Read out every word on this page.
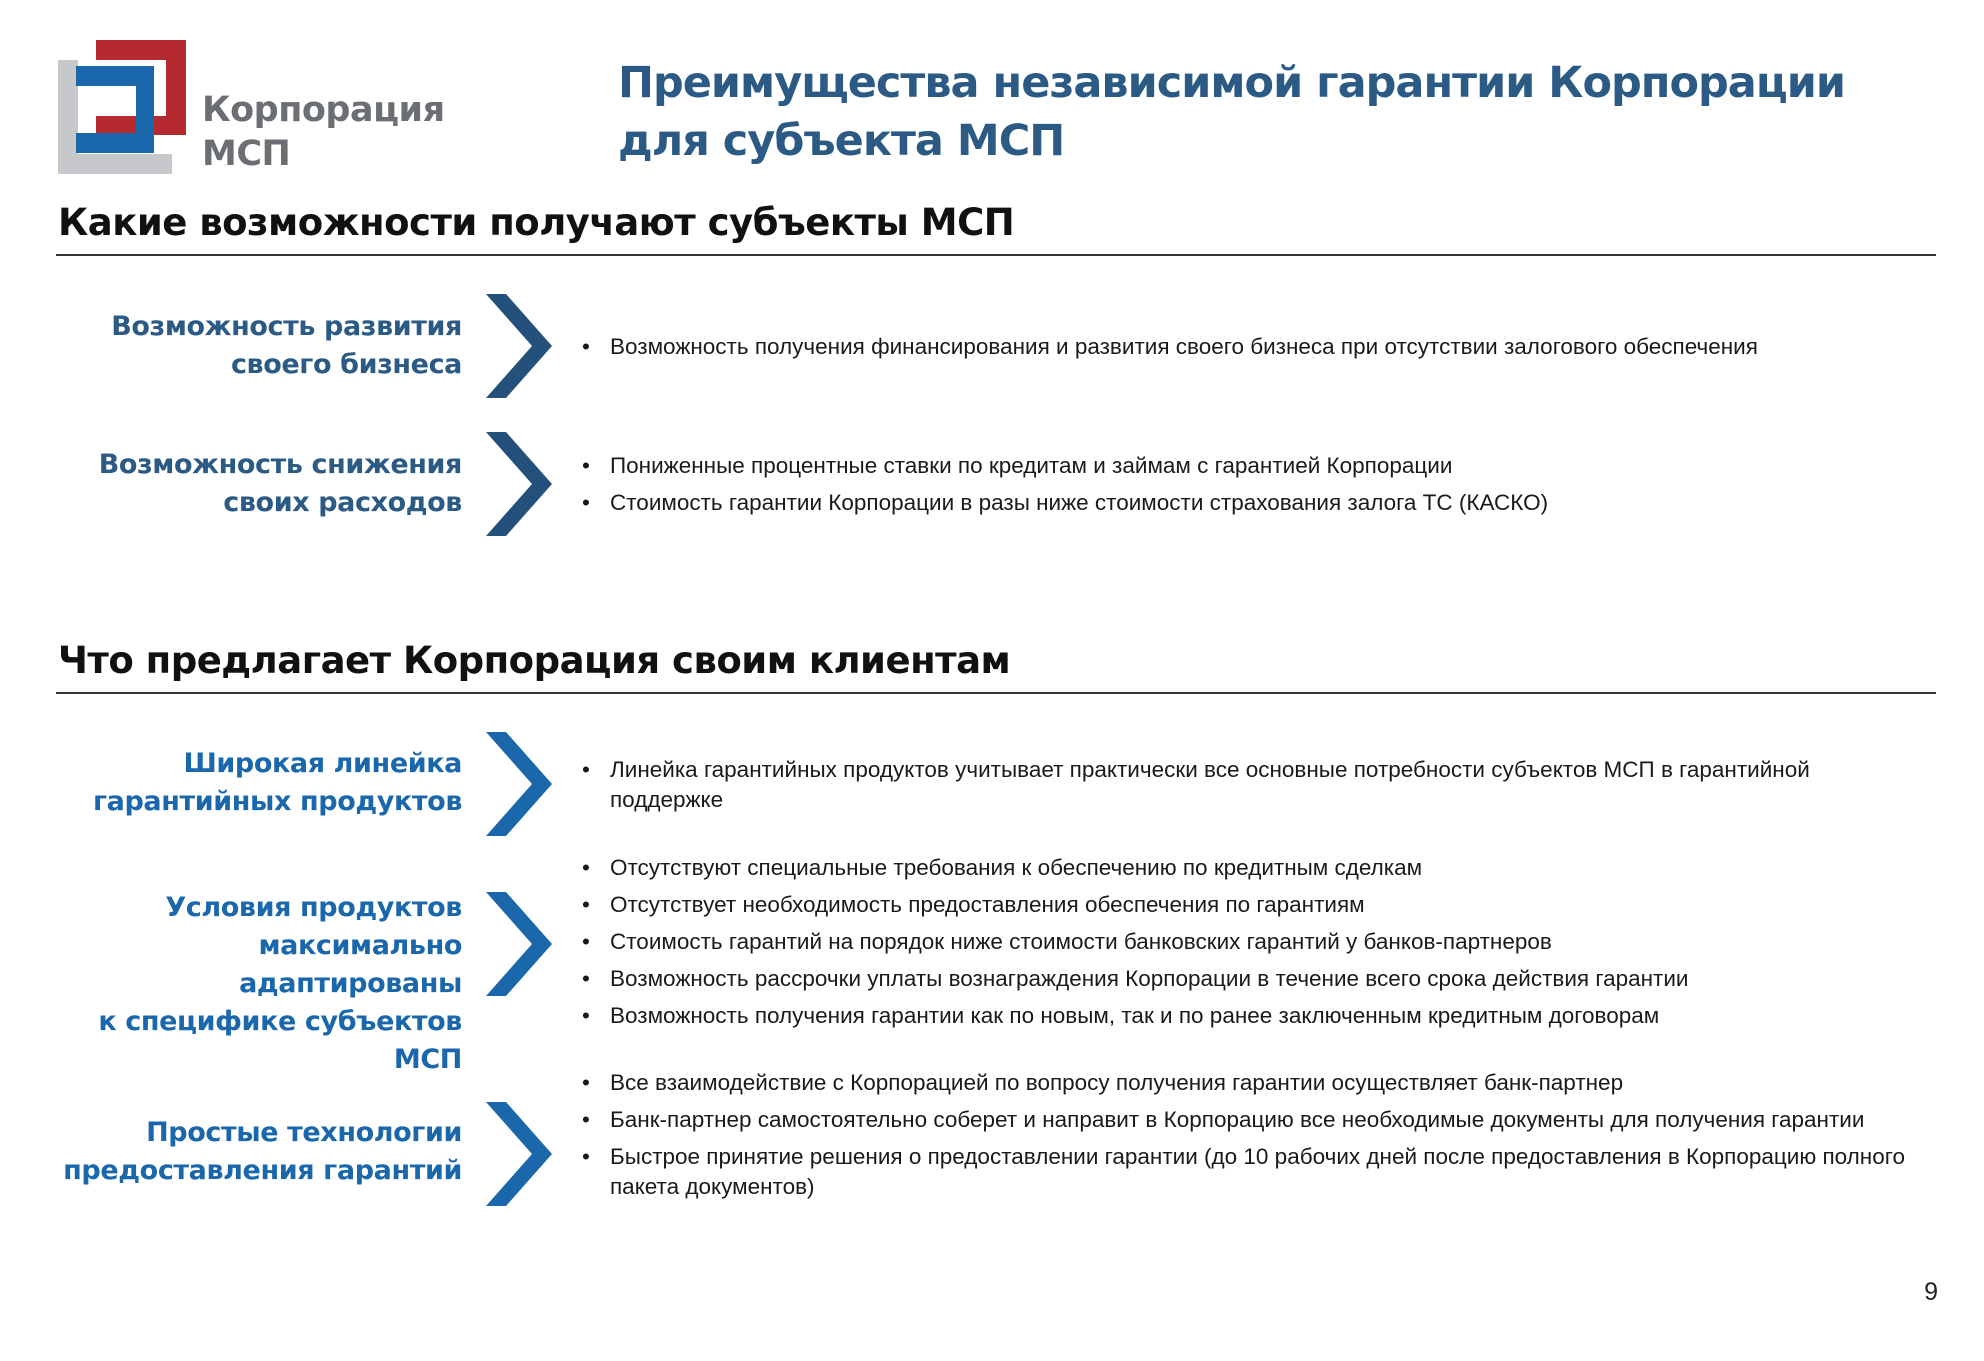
Корпорация
МСП
Преимущества независимой гарантии Корпорации
для субъекта МСП
Какие возможности получают субъекты МСП
Возможность развития
своего бизнеса
• Возможность получения финансирования и развития своего бизнеса при отсутствии залогового обеспечения
Возможность снижения
своих расходов
• Пониженные процентные ставки по кредитам и займам с гарантией Корпорации
• Стоимость гарантии Корпорации в разы ниже стоимости страхования залога ТС (КАСКО)
Что предлагает Корпорация своим клиентам
Широкая линейка
гарантийных продуктов
• Линейка гарантийных продуктов учитывает практически все основные потребности субъектов МСП в гарантийной поддержке
Условия продуктов
максимально адаптированы
к специфике субъектов МСП
• Отсутствуют специальные требования к обеспечению по кредитным сделкам
• Отсутствует необходимость предоставления обеспечения по гарантиям
• Стоимость гарантий на порядок ниже стоимости банковских гарантий у банков-партнеров
• Возможность рассрочки уплаты вознаграждения Корпорации в течение всего срока действия гарантии
• Возможность получения гарантии как по новым, так и по ранее заключенным кредитным договорам
Простые технологии
предоставления гарантий
• Все взаимодействие с Корпорацией по вопросу получения гарантии осуществляет банк-партнер
• Банк-партнер самостоятельно соберет и направит в Корпорацию все необходимые документы для получения гарантии
• Быстрое принятие решения о предоставлении гарантии (до 10 рабочих дней после предоставления в Корпорацию полного пакета документов)
9
